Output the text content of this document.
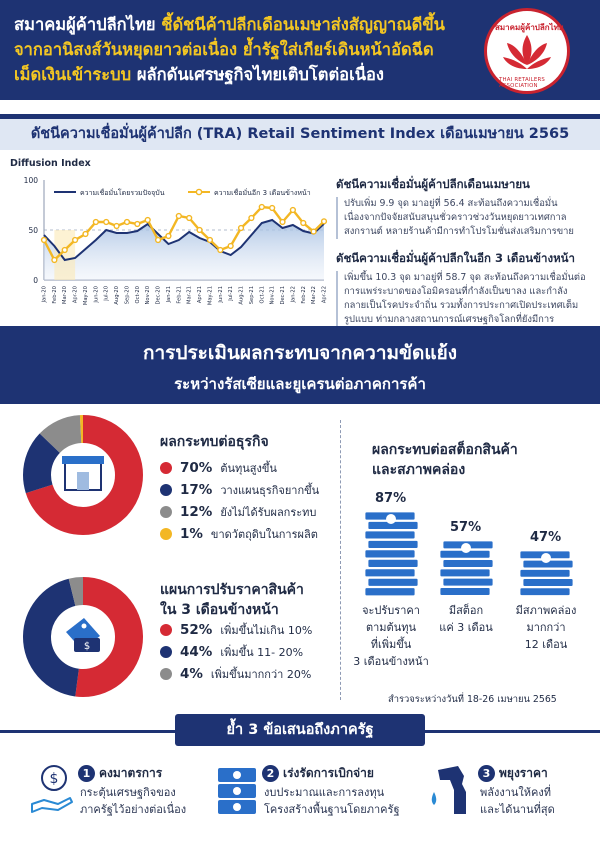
สมาคมผู้ค้าปลีกไทย ชี้ดัชนีค้าปลีกเดือนเมษาส่งสัญญาณดีขึ้น
จากอานิสงส์วันหยุดยาวต่อเนื่อง ย้ำรัฐใส่เกียร์เดินหน้าอัดฉีด
เม็ดเงินเข้าระบบ ผลักดันเศรษฐกิจไทยเติบโตต่อเนื่อง
สมาคมผู้ค้าปลีกไทย
THAI RETAILERS ASSOCIATION
ดัชนีความเชื่อมั่นผู้ค้าปลีก (TRA) Retail Sentiment Index เดือนเมษายน 2565
Diffusion Index
0
50
100
Jan-20 Feb-20 Mar-20 Apr-20 May-20 Jun-20 Jul-20 Aug-20 Sep-20 Oct-20 Nov-20 Dec-20 Jan-21 Feb-21 Mar-21 Apr-21 May-21 Jun-21 Jul-21 Aug-21 Sep-21 Oct-21 Nov-21 Dec-21 Jan-22 Feb-22 Mar-22 Apr-22
ความเชื่อมั่นโดยรวมปัจจุบัน	ความเชื่อมั่นอีก 3 เดือนข้างหน้า
ดัชนีความเชื่อมั่นผู้ค้าปลีกเดือนเมษายน

ปรับเพิ่ม 9.9 จุด มาอยู่ที่ 56.4 สะท้อนถึงความเชื่อมั่นเนื่องจากปัจจัยสนับสนุนชั่วคราวช่วงวันหยุดยาวเทศกาลสงกรานต์ หลายร้านค้ามีการทำโปรโมชั่นส่งเสริมการขาย

ดัชนีความเชื่อมั่นผู้ค้าปลีกในอีก 3 เดือนข้างหน้า

เพิ่มขึ้น 10.3 จุด มาอยู่ที่ 58.7 จุด สะท้อนถึงความเชื่อมั่นต่อการแพร่ระบาดของโอมิครอนที่กำลังเป็นขาลง และกำลังกลายเป็นโรคประจำถิ่น รวมทั้งการประกาศเปิดประเทศเต็มรูปแบบ ท่ามกลางสถานการณ์เศรษฐกิจโลกที่ยังมีการ

การประเมินผลกระทบจากความขัดแย้ง
ระหว่างรัสเซียและยูเครนต่อภาคการค้า
ผลกระทบต่อธุรกิจ
70% ต้นทุนสูงขึ้น
17% วางแผนธุรกิจยากขึ้น
12% ยังไม่ได้รับผลกระทบ
1% ขาดวัตถุดิบในการผลิต
$
แผนการปรับราคาสินค้า
ใน 3 เดือนข้างหน้า
52% เพิ่มขึ้นไม่เกิน 10%
44% เพิ่มขึ้น 11- 20%
4% เพิ่มขึ้นมากกว่า 20%
ผลกระทบต่อสต็อกสินค้า
และสภาพคล่อง
87%
จะปรับราคา
ตามต้นทุน
ที่เพิ่มขึ้น
3 เดือนข้างหน้า
57%
มีสต็อก
แค่ 3 เดือน
47%
มีสภาพคล่อง
มากกว่า
12 เดือน
สำรวจระหว่างวันที่ 18-26 เมษายน 2565
ย้ำ 3 ข้อเสนอถึงภาครัฐ
$	1 คงมาตรการ
กระตุ้นเศรษฐกิจของ
ภาครัฐไว้อย่างต่อเนื่อง
2 เร่งรัดการเบิกจ่าย
งบประมาณและการลงทุน
โครงสร้างพื้นฐานโดยภาครัฐ
3 พยุงราคา
พลังงานให้คงที่
และได้นานที่สุด
